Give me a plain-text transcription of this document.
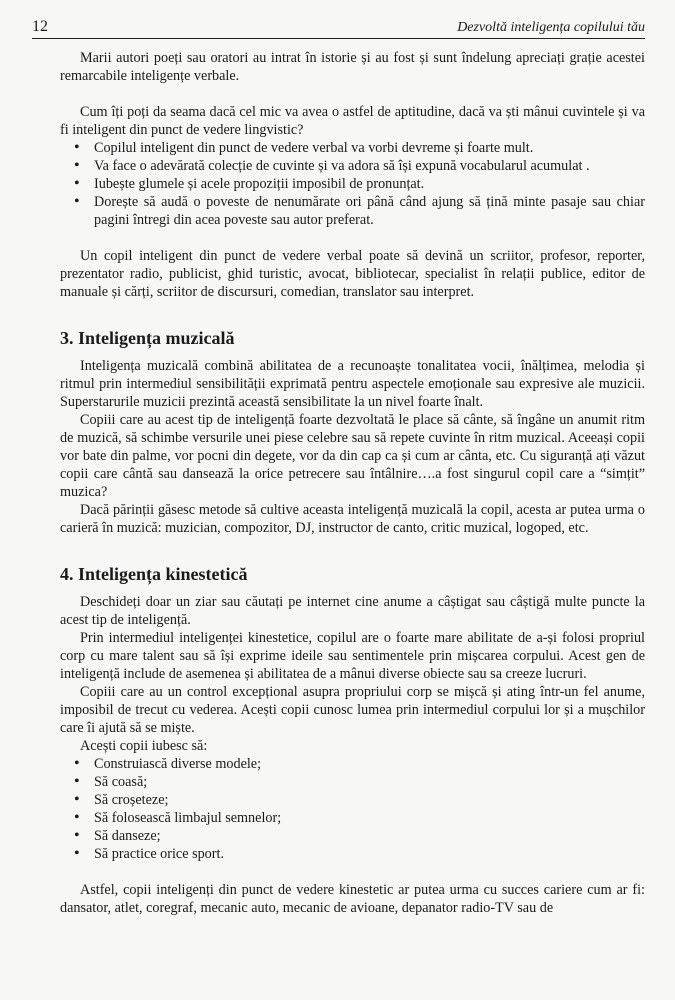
12	Dezvoltă inteligența copilului tău

Marii autori poeți sau oratori au intrat în istorie și au fost și sunt îndelung apreciați grație acestei remarcabile inteligențe verbale.

Cum îți poți da seama dacă cel mic va avea o astfel de aptitudine, dacă va ști mânui cuvintele și va fi inteligent din punct de vedere lingvistic?

• Copilul inteligent din punct de vedere verbal va vorbi devreme și foarte mult.
• Va face o adevărată colecție de cuvinte și va adora să își expună vocabularul acumulat .
• Iubește glumele și acele propoziții imposibil de pronunțat.
• Dorește să audă o poveste de nenumărate ori până când ajung să țină minte pasaje sau chiar pagini întregi din acea poveste sau autor preferat.

Un copil inteligent din punct de vedere verbal poate să devină un scriitor, profesor, reporter, prezentator radio, publicist, ghid turistic, avocat, bibliotecar, specialist în relații publice, editor de manuale și cărți, scriitor de discursuri, comedian, translator sau interpret.

3. Inteligența muzicală

Inteligența muzicală combină abilitatea de a recunoaște tonalitatea vocii, înălțimea, melodia și ritmul prin intermediul sensibilității exprimată pentru aspectele emoționale sau expresive ale muzicii. Superstarurile muzicii prezintă această sensibilitate la un nivel foarte înalt.

Copiii care au acest tip de inteligență foarte dezvoltată le place să cânte, să îngâne un anumit ritm de muzică, să schimbe versurile unei piese celebre sau să repete cuvinte în ritm muzical. Aceeași copii vor bate din palme, vor pocni din degete, vor da din cap ca și cum ar cânta, etc. Cu siguranță ați văzut copii care cântă sau dansează la orice petrecere sau întâlnire….a fost singurul copil care a “simțit” muzica?

Dacă părinții găsesc metode să cultive aceasta inteligență muzicală la copil, acesta ar putea urma o carieră în muzică: muzician, compozitor, DJ, instructor de canto, critic muzical, logoped, etc.

4. Inteligența kinestetică

Deschideți doar un ziar sau căutați pe internet cine anume a câștigat sau câștigă multe puncte la acest tip de inteligență.

Prin intermediul inteligenței kinestetice, copilul are o foarte mare abilitate de a-și folosi propriul corp cu mare talent sau să își exprime ideile sau sentimentele prin mișcarea corpului. Acest gen de inteligență include de asemenea și abilitatea de a mânui diverse obiecte sau sa creeze lucruri.

Copiii care au un control excepțional asupra propriului corp se mișcă și ating într-un fel anume, imposibil de trecut cu vederea. Acești copii cunosc lumea prin intermediul corpului lor și a mușchilor care îi ajută să se miște.

Acești copii iubesc să:

• Construiască diverse modele;
• Să coasă;
• Să croșeteze;
• Să folosească limbajul semnelor;
• Să danseze;
• Să practice orice sport.

Astfel, copii inteligenți din punct de vedere kinestetic ar putea urma cu succes cariere cum ar fi: dansator, atlet, coregraf, mecanic auto, mecanic de avioane, depanator radio-TV sau de
